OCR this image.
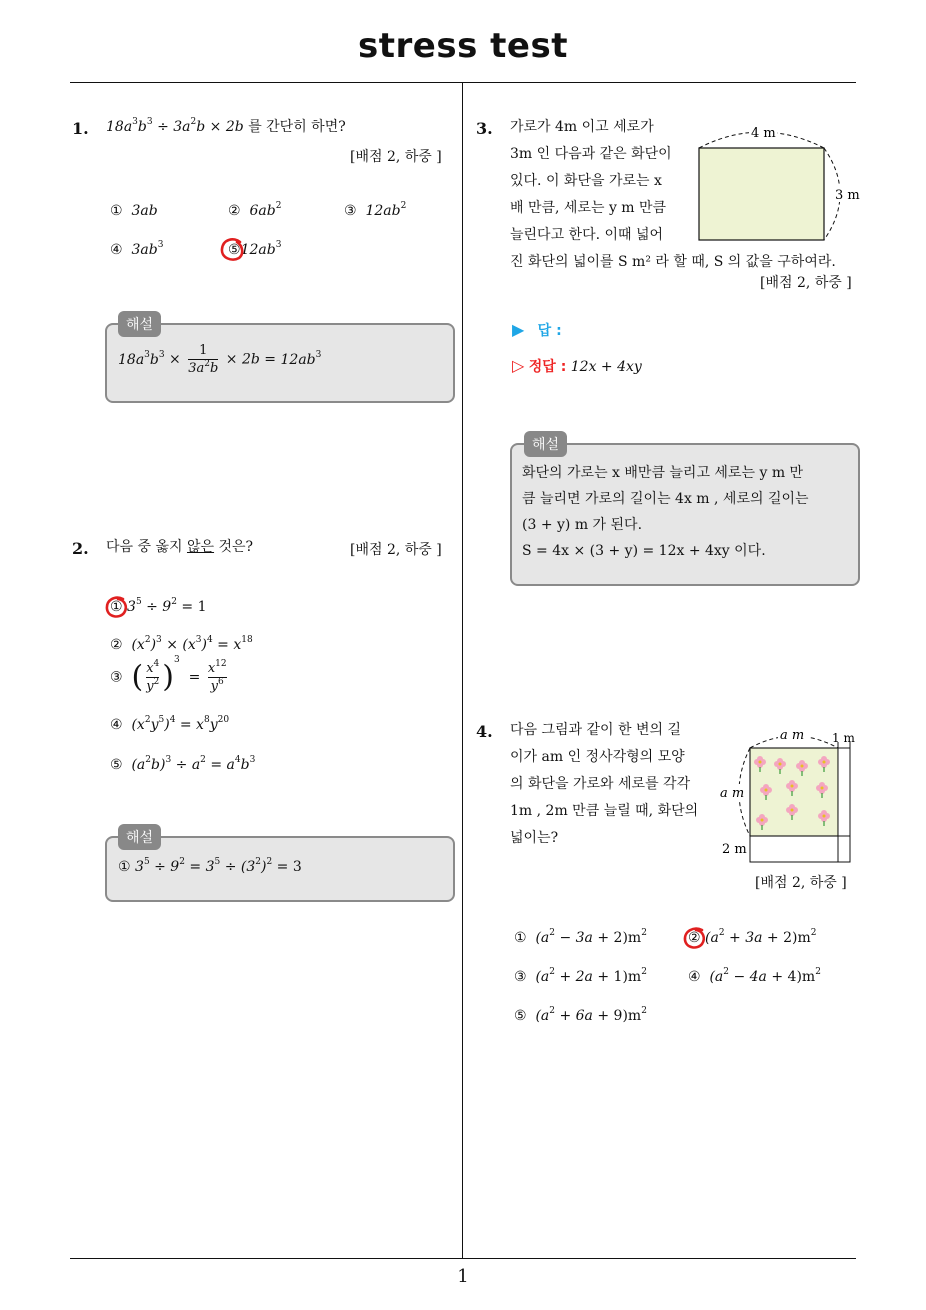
stress test
1. $18a^3b^3 \div 3a^2b \times 2b$ 를 간단히 하면?
[배점 2, 하중 ]
① 3ab	② $6ab^2$	③ $12ab^2$
④ $3ab^3$	$⑤12ab^3$
해설
$18a^3b^3 \times \frac{1}{3a^2b} \times 2b = 12ab^3$
2. 다음 중 옳지 않은 것은?	[배점 2, 하중 ]
① $3^5 \div 9^2 = 1$
② $(x^2)^3 \times (x^3)^4 = x^{18}$
③ ( $\frac{x^4}{y^2} )^3 = \frac{x^{12}}{y^6}$
④ $(x^2y^5)^4 = x^8y^{20}$
⑤ $(a^2b)^3 \div a^2 = a^4b^3$
해설
① $3^5 \div 9^2 = 3^5 \div (3^2)^2 = 3$
3. 가로가 4m 이고 세로가
3m 인 다음과 같은 화단이
있다. 이 화단을 가로는 x
배 만큼, 세로는 y m 만큼
늘린다고 한다. 이때 넓어
진 화단의 넓이를 S m² 라 할 때, S 의 값을 구하여라.
[배점 2, 하중 ]
4 m
3 m
▶ 답 :
▷ 정답 : 12x + 4xy
해설
화단의 가로는 x 배만큼 늘리고 세로는 y m 만
큼 늘리면 가로의 길이는 4x m , 세로의 길이는
(3 + y) m 가 된다.
S = 4x × (3 + y) = 12x + 4xy 이다.
4. 다음 그림과 같이 한 변의 길
이가 am 인 정사각형의 모양
의 화단을 가로와 세로를 각각
1m , 2m 만큼 늘릴 때, 화단의
넓이는?
[배점 2, 하중 ]
a m 1 m
a m
2 m
① $(a^2 - 3a + 2)m^2$	② $(a^2 + 3a + 2)m^2$
③ $(a^2 + 2a + 1)m^2$	④ $(a^2 - 4a + 4)m^2$
⑤ $(a^2 + 6a + 9)m^2$
1
